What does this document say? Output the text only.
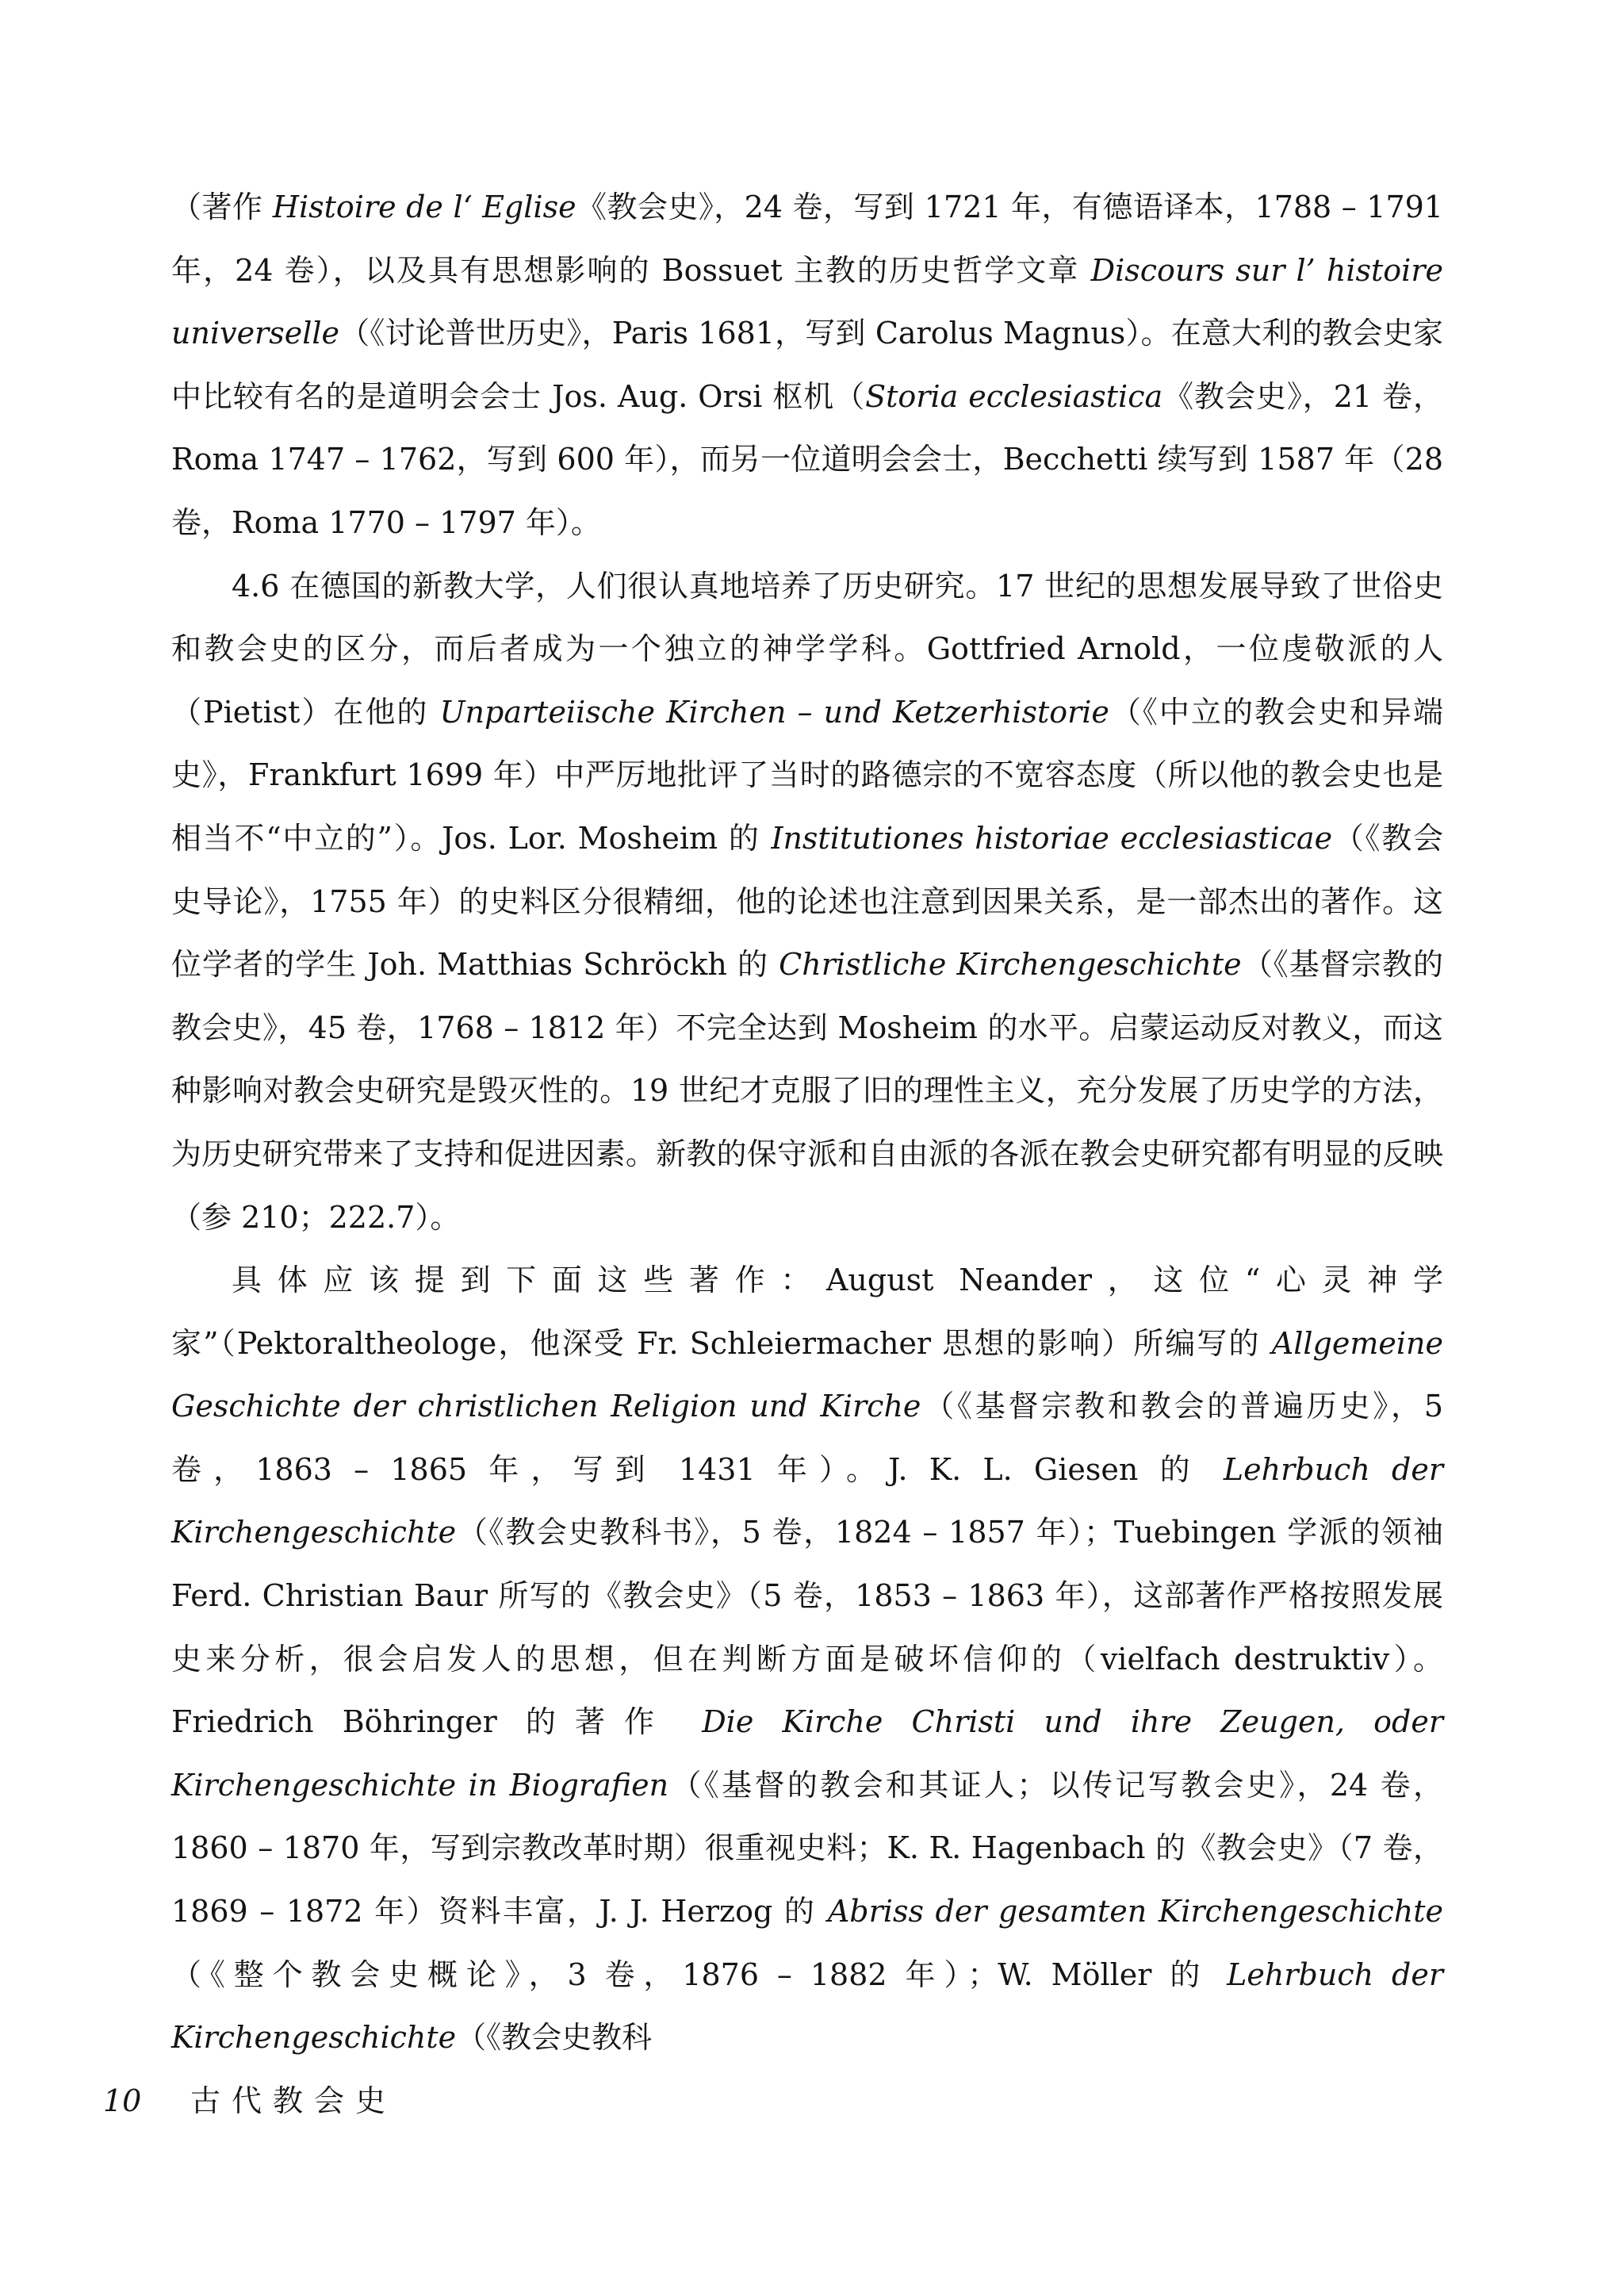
（著作 Histoire de l‘ Eglise《教会史》，24 卷，写到 1721 年，有德语译本，1788 – 1791 年，24 卷），以及具有思想影响的 Bossuet 主教的历史哲学文章 Discours sur l’ histoire universelle（《讨论普世历史》，Paris 1681，写到 Carolus Magnus）。在意大利的教会史家中比较有名的是道明会会士 Jos. Aug. Orsi 枢机（Storia ecclesiastica《教会史》，21 卷，Roma 1747 – 1762，写到 600 年），而另一位道明会会士，Becchetti 续写到 1587 年（28 卷，Roma 1770 – 1797 年）。

4.6 在德国的新教大学，人们很认真地培养了历史研究。17 世纪的思想发展导致了世俗史和教会史的区分，而后者成为一个独立的神学学科。Gottfried Arnold，一位虔敬派的人（Pietist）在他的 Unparteiische Kirchen – und Ketzerhistorie（《中立的教会史和异端史》，Frankfurt 1699 年）中严厉地批评了当时的路德宗的不宽容态度（所以他的教会史也是相当不“中立的”）。Jos. Lor. Mosheim 的 Institutiones historiae ecclesiasticae（《教会史导论》，1755 年）的史料区分很精细，他的论述也注意到因果关系，是一部杰出的著作。这位学者的学生 Joh. Matthias Schröckh 的 Christliche Kirchengeschichte（《基督宗教的教会史》，45 卷，1768 – 1812 年）不完全达到 Mosheim 的水平。启蒙运动反对教义，而这种影响对教会史研究是毁灭性的。19 世纪才克服了旧的理性主义，充分发展了历史学的方法，为历史研究带来了支持和促进因素。新教的保守派和自由派的各派在教会史研究都有明显的反映（参 210；222.7）。

具体应该提到下面这些著作：August Neander，这位“心灵神学家”（Pektoraltheologe，他深受 Fr. Schleiermacher 思想的影响）所编写的 Allgemeine Geschichte der christlichen Religion und Kirche（《基督宗教和教会的普遍历史》，5 卷，1863 – 1865 年，写到 1431 年）。J. K. L. Giesen 的 Lehrbuch der Kirchengeschichte（《教会史教科书》，5 卷，1824 – 1857 年）；Tuebingen 学派的领袖 Ferd. Christian Baur 所写的《教会史》（5 卷，1853 – 1863 年），这部著作严格按照发展史来分析，很会启发人的思想，但在判断方面是破坏信仰的（vielfach destruktiv）。Friedrich Böhringer 的著作 Die Kirche Christi und ihre Zeugen, oder Kirchengeschichte in Biografien（《基督的教会和其证人；以传记写教会史》，24 卷，1860 – 1870 年，写到宗教改革时期）很重视史料；K. R. Hagenbach 的《教会史》（7 卷，1869 – 1872 年）资料丰富，J. J. Herzog 的 Abriss der gesamten Kirchengeschichte（《整个教会史概论》，3 卷，1876 – 1882 年）；W. Möller 的 Lehrbuch der Kirchengeschichte（《教会史教科

10	古代教会史
